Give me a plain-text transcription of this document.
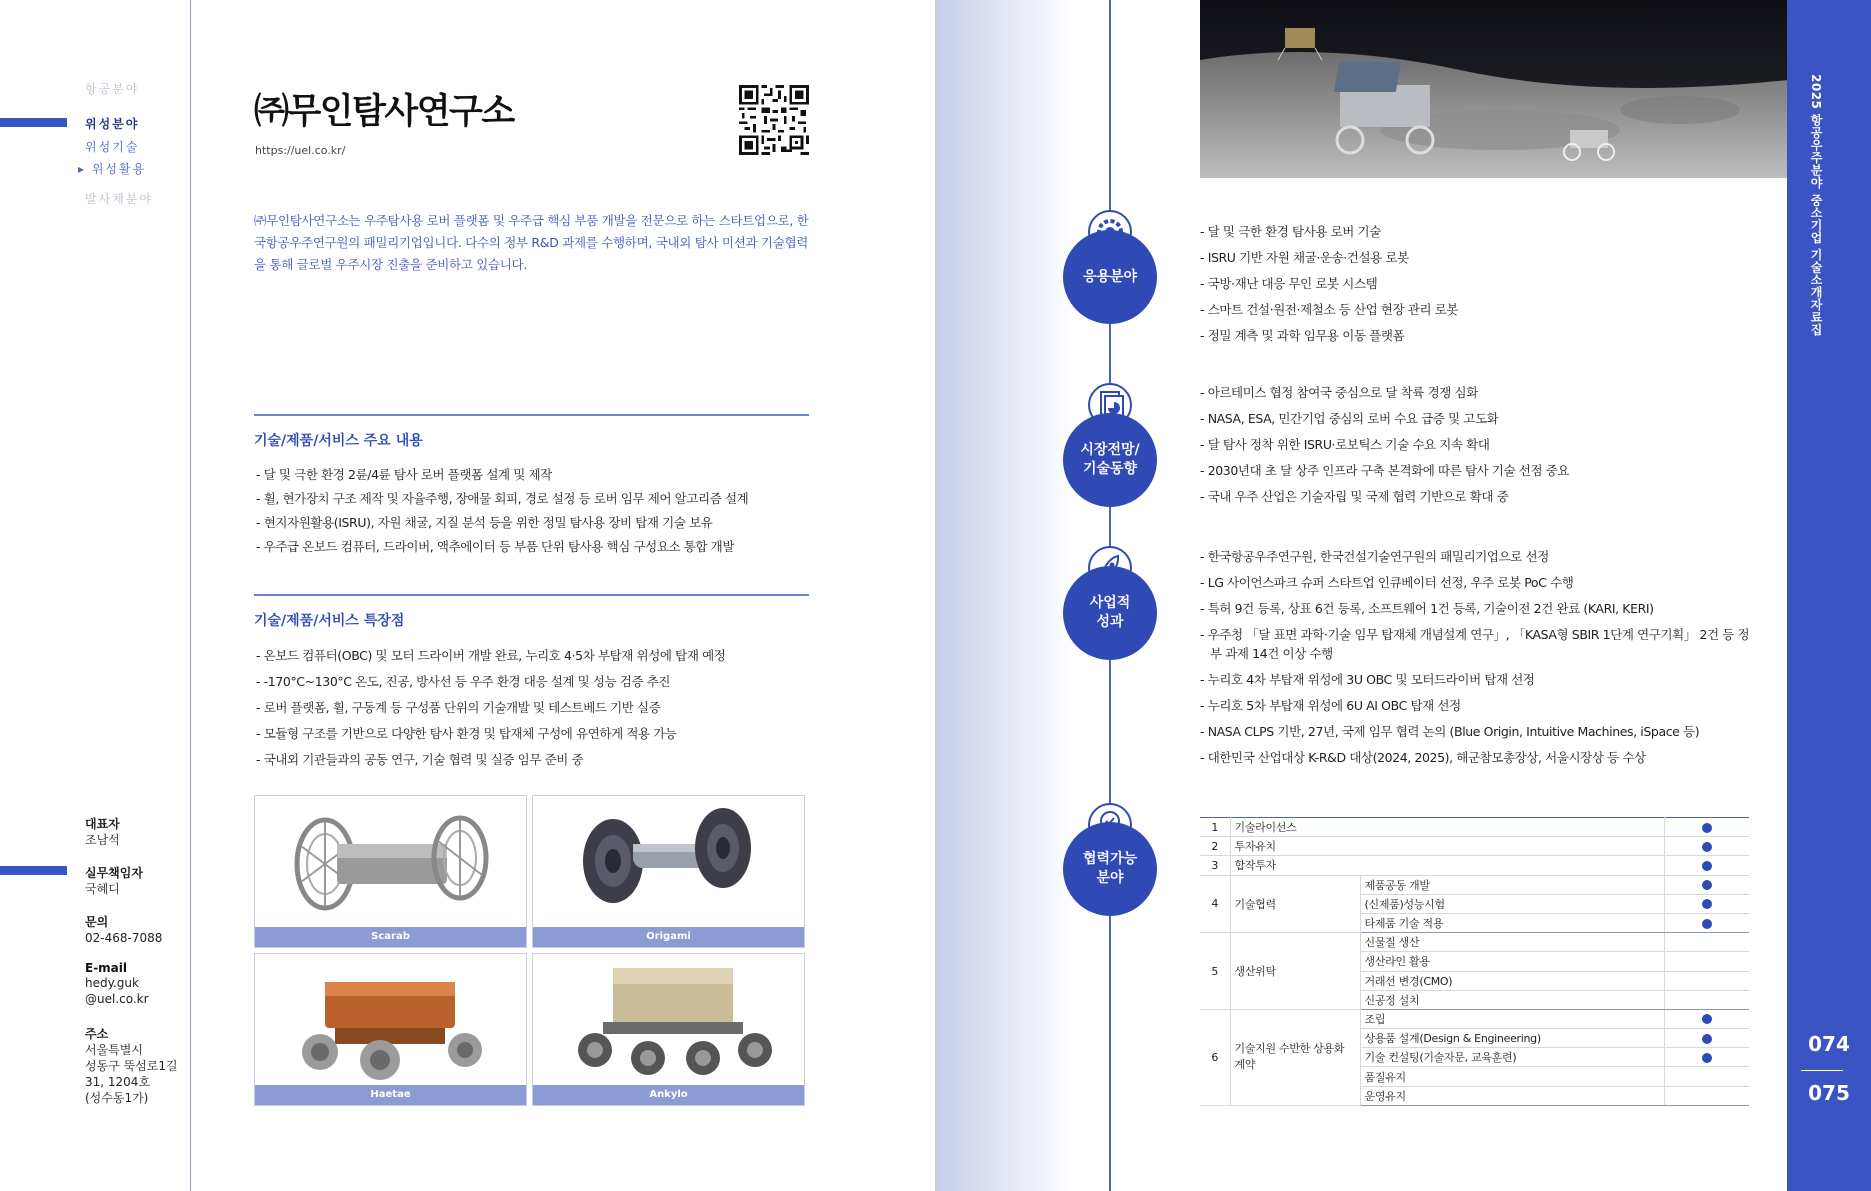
항공분야
위성분야
위성기술
▸ 위성활용
발사체분야
대표자
조남석
실무책임자
국혜디
문의
02-468-7088
E-mail
hedy.guk
@uel.co.kr
주소
서울특별시
성동구 뚝섬로1길
31, 1204호
(성수동1가)
㈜무인탐사연구소
https://uel.co.kr/
㈜무인탐사연구소는 우주탐사용 로버 플랫폼 및 우주급 핵심 부품 개발을 전문으로 하는 스타트업으로, 한국항공우주연구원의 패밀리기업입니다. 다수의 정부 R&D 과제를 수행하며, 국내외 탐사 미션과 기술협력을 통해 글로벌 우주시장 진출을 준비하고 있습니다.
기술/제품/서비스 주요 내용
- 달 및 극한 환경 2륜/4륜 탐사 로버 플랫폼 설계 및 제작
- 휠, 현가장치 구조 제작 및 자율주행, 장애물 회피, 경로 설정 등 로버 임무 제어 알고리즘 설계
- 현지자원활용(ISRU), 자원 채굴, 지질 분석 등을 위한 정밀 탐사용 장비 탑재 기술 보유
- 우주급 온보드 컴퓨터, 드라이버, 액추에이터 등 부품 단위 탐사용 핵심 구성요소 통합 개발
기술/제품/서비스 특장점
- 온보드 컴퓨터(OBC) 및 모터 드라이버 개발 완료, 누리호 4·5차 부탑재 위성에 탑재 예정
- -170°C~130°C 온도, 진공, 방사선 등 우주 환경 대응 설계 및 성능 검증 추진
- 로버 플랫폼, 휠, 구동계 등 구성품 단위의 기술개발 및 테스트베드 기반 실증
- 모듈형 구조를 기반으로 다양한 탐사 환경 및 탑재체 구성에 유연하게 적용 가능
- 국내외 기관들과의 공동 연구, 기술 협력 및 실증 임무 준비 중
Scarab	Origami
Haetae	Ankylo
응용분야
- 달 및 극한 환경 탐사용 로버 기술
- ISRU 기반 자원 채굴·운송·건설용 로봇
- 국방·재난 대응 무인 로봇 시스템
- 스마트 건설·원전·제철소 등 산업 현장 관리 로봇
- 정밀 계측 및 과학 임무용 이동 플랫폼
시장전망/
기술동향
- 아르테미스 협정 참여국 중심으로 달 착륙 경쟁 심화
- NASA, ESA, 민간기업 중심의 로버 수요 급증 및 고도화
- 달 탐사 정착 위한 ISRU·로보틱스 기술 수요 지속 확대
- 2030년대 초 달 상주 인프라 구축 본격화에 따른 탐사 기술 선점 중요
- 국내 우주 산업은 기술자립 및 국제 협력 기반으로 확대 중
사업적
성과
- 한국항공우주연구원, 한국건설기술연구원의 패밀리기업으로 선정
- LG 사이언스파크 슈퍼 스타트업 인큐베이터 선정, 우주 로봇 PoC 수행
- 특허 9건 등록, 상표 6건 등록, 소프트웨어 1건 등록, 기술이전 2건 완료 (KARI, KERI)
- 우주청 「달 표면 과학·기술 임무 탑재체 개념설계 연구」, 「KASA형 SBIR 1단계 연구기획」 2건 등 정부 과제 14건 이상 수행
- 누리호 4차 부탑재 위성에 3U OBC 및 모터드라이버 탑재 선정
- 누리호 5차 부탑재 위성에 6U AI OBC 탑재 선정
- NASA CLPS 기반, 27년, 국제 임무 협력 논의 (Blue Origin, Intuitive Machines, iSpace 등)
- 대한민국 산업대상 K-R&D 대상(2024, 2025), 해군참모총장상, 서울시장상 등 수상
협력가능
분야
1	기술라이선스		
2	투자유치		
3	합작투자		
4	기술협력	제품공동 개발	
		(신제품)성능시험	
		타제품 기술 적용	
5	생산위탁	신물질 생산	
		생산라인 활용	
		거래선 변경(CMO)	
		신공정 설치	
6	기술지원 수반한 상용화 계약	조립	
		상용품 설계(Design & Engineering)	
		기술 컨설팅(기술자문, 교육훈련)	
		품질유지	
		운영유지	
2025 항공우주분야 중소기업 기술소개자료집
074
075
